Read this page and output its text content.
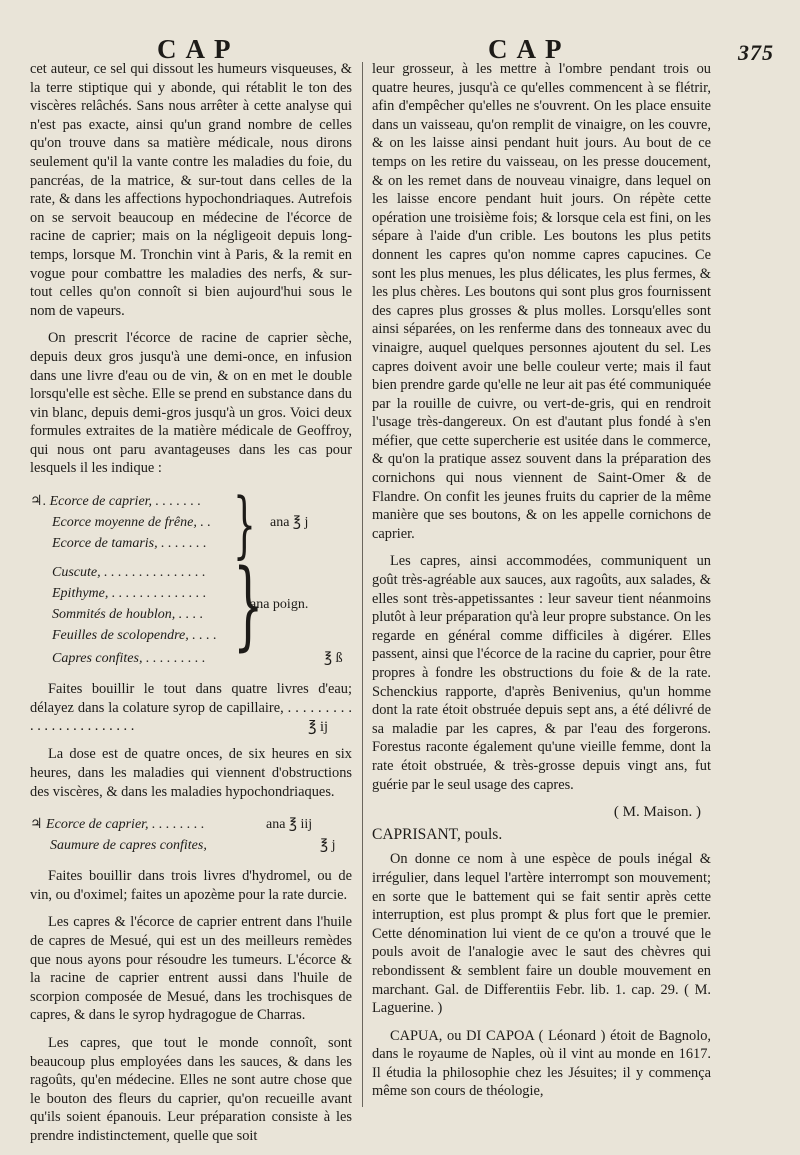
CAP	CAP	375

cet auteur, ce sel qui dissout les humeurs visqueuses, & la terre stiptique qui y abonde, qui rétablit le ton des viscères relâchés. Sans nous arrêter à cette analyse qui n'est pas exacte, ainsi qu'un grand nombre de celles qu'on trouve dans sa matière médicale, nous dirons seulement qu'il la vante contre les maladies du foie, du pancréas, de la matrice, & sur-tout dans celles de la rate, & dans les affections hypochondriaques. Autrefois on se servoit beaucoup en médecine de l'écorce de racine de caprier; mais on la négligeoit depuis long-temps, lorsque M. Tronchin vint à Paris, & la remit en vogue pour combattre les maladies des nerfs, & sur-tout celles qu'on connoît si bien aujourd'hui sous le nom de vapeurs.

On prescrit l'écorce de racine de caprier sèche, depuis deux gros jusqu'à une demi-once, en infusion dans une livre d'eau ou de vin, & on en met le double lorsqu'elle est sèche. Elle se prend en substance dans du vin blanc, depuis demi-gros jusqu'à un gros. Voici deux formules extraites de la matière médicale de Geoffroy, qui nous ont paru avantageuses dans les cas pour lesquels il les indique :

♃.
Ecorce de caprier, . . . . . . .
Ecorce moyenne de frêne, . .
Ecorce de tamaris, . . . . . . . } ana ℥ j
Cuscute, . . . . . . . . . . . . . . .
Epithyme, . . . . . . . . . . . . . .
Sommités de houblon, . . . .
Feuilles de scolopendre, . . . . }
ana poign.
Capres confites, . . . . . . . . .	℥ ß

Faites bouillir le tout dans quatre livres d'eau; délayez dans la colature syrop de capillaire, . . . . . . . . . . . . . . . . . . . . . . . .	℥ ij

La dose est de quatre onces, de six heures en six heures, dans les maladies qui viennent d'obstructions des viscères, & dans les maladies hypochondriaques.

♃ Ecorce de caprier, . . . . . . . .	ana ℥ iij
Saumure de capres confites,	℥ j

Faites bouillir dans trois livres d'hydromel, ou de vin, ou d'oximel; faites un apozème pour la rate durcie.

Les capres & l'écorce de caprier entrent dans l'huile de capres de Mesué, qui est un des meilleurs remèdes que nous ayons pour résoudre les tumeurs. L'écorce & la racine de caprier entrent aussi dans l'huile de scorpion composée de Mesué, dans les trochisques de capres, & dans le syrop hydragogue de Charras.

Les capres, que tout le monde connoît, sont beaucoup plus employées dans les sauces, & dans les ragoûts, qu'en médecine. Elles ne sont autre chose que le bouton des fleurs du caprier, qu'on recueille avant qu'ils soient épanouis. Leur préparation consiste à les prendre indistinctement, quelle que soit

leur grosseur, à les mettre à l'ombre pendant trois ou quatre heures, jusqu'à ce qu'elles commencent à se flétrir, afin d'empêcher qu'elles ne s'ouvrent. On les place ensuite dans un vaisseau, qu'on remplit de vinaigre, on les couvre, & on les laisse ainsi pendant huit jours. Au bout de ce temps on les retire du vaisseau, on les presse doucement, & on les remet dans de nouveau vinaigre, dans lequel on les laisse encore pendant huit jours. On répète cette opération une troisième fois; & lorsque cela est fini, on les sépare à l'aide d'un crible. Les boutons les plus petits donnent les capres qu'on nomme capres capucines. Ce sont les plus menues, les plus délicates, les plus fermes, & les plus chères. Les boutons qui sont plus gros fournissent des capres plus grosses & plus molles. Lorsqu'elles sont ainsi séparées, on les renferme dans des tonneaux avec du vinaigre, auquel quelques personnes ajoutent du sel. Les capres doivent avoir une belle couleur verte; mais il faut bien prendre garde qu'elle ne leur ait pas été communiquée par la rouille de cuivre, ou vert-de-gris, qui en rendroit l'usage très-dangereux. On est d'autant plus fondé à s'en méfier, que cette supercherie est usitée dans le commerce, & qu'on la pratique assez souvent dans la préparation des cornichons qui nous viennent de Saint-Omer & de Flandre. On confit les jeunes fruits du caprier de la même manière que ses boutons, & on les appelle cornichons de caprier.

Les capres, ainsi accommodées, communiquent un goût très-agréable aux sauces, aux ragoûts, aux salades, & elles sont très-appetissantes : leur saveur tient néanmoins plutôt à leur préparation qu'à leur propre substance. On les regarde en général comme difficiles à digérer. Elles passent, ainsi que l'écorce de la racine du caprier, pour être propres à fondre les obstructions du foie & de la rate. Schenckius rapporte, d'après Benivenius, qu'un homme dont la rate étoit obstruée depuis sept ans, a été délivré de sa maladie par les capres, & par l'eau des forgerons. Forestus raconte également qu'une vieille femme, dont la rate étoit obstruée, & très-grosse depuis vingt ans, fut guérie par le seul usage des capres.

( M. Maison. )
CAPRISANT, pouls.

On donne ce nom à une espèce de pouls inégal & irrégulier, dans lequel l'artère interrompt son mouvement; en sorte que le battement qui se fait sentir après cette interruption, est plus prompt & plus fort que le premier. Cette dénomination lui vient de ce qu'on a trouvé que le pouls avoit de l'analogie avec le saut des chèvres qui rebondissent & semblent faire un double mouvement en marchant. Gal. de Differentiis Febr. lib. 1. cap. 29. ( M. Laguerine. )

CAPUA, ou DI CAPOA ( Léonard ) étoit de Bagnolo, dans le royaume de Naples, où il vint au monde en 1617. Il étudia la philosophie chez les Jésuites; il y commença même son cours de théologie,
